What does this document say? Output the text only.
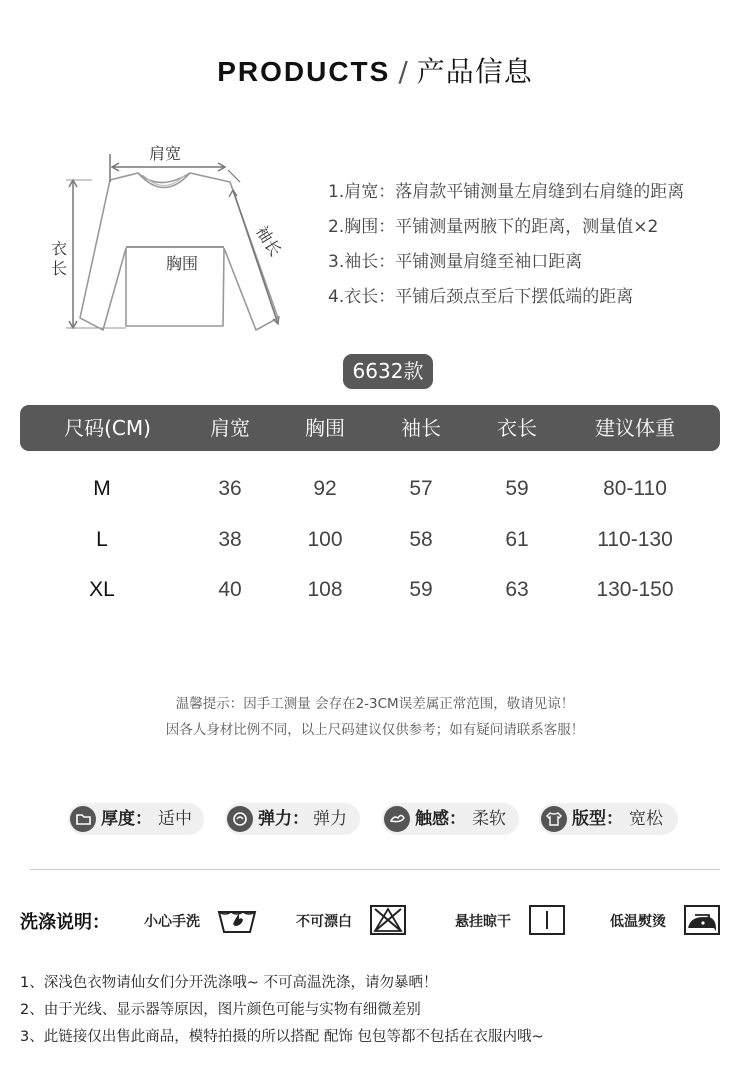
PRODUCTS / 产品信息
肩宽
胸围
衣
长
袖长
1.肩宽：落肩款平铺测量左肩缝到右肩缝的距离
2.胸围：平铺测量两腋下的距离，测量值×2
3.袖长：平铺测量肩缝至袖口距离
4.衣长：平铺后颈点至后下摆低端的距离
6632款
尺码(CM)	肩宽	胸围	袖长	衣长	建议体重
M	36	92	57	59	80-110
L	38	100	58	61	110-130
XL	40	108	59	63	130-150
温馨提示：因手工测量 会存在2-3CM误差属正常范围，敬请见谅！
因各人身材比例不同，以上尺码建议仅供参考；如有疑问请联系客服！
厚度： 适中	弹力： 弹力	触感： 柔软	版型： 宽松
洗涤说明： 小心手洗	不可漂白	悬挂晾干	低温熨烫
1、深浅色衣物请仙女们分开洗涤哦~ 不可高温洗涤，请勿暴晒！
2、由于光线、显示器等原因，图片颜色可能与实物有细微差别
3、此链接仅出售此商品，模特拍摄的所以搭配 配饰 包包等都不包括在衣服内哦~
